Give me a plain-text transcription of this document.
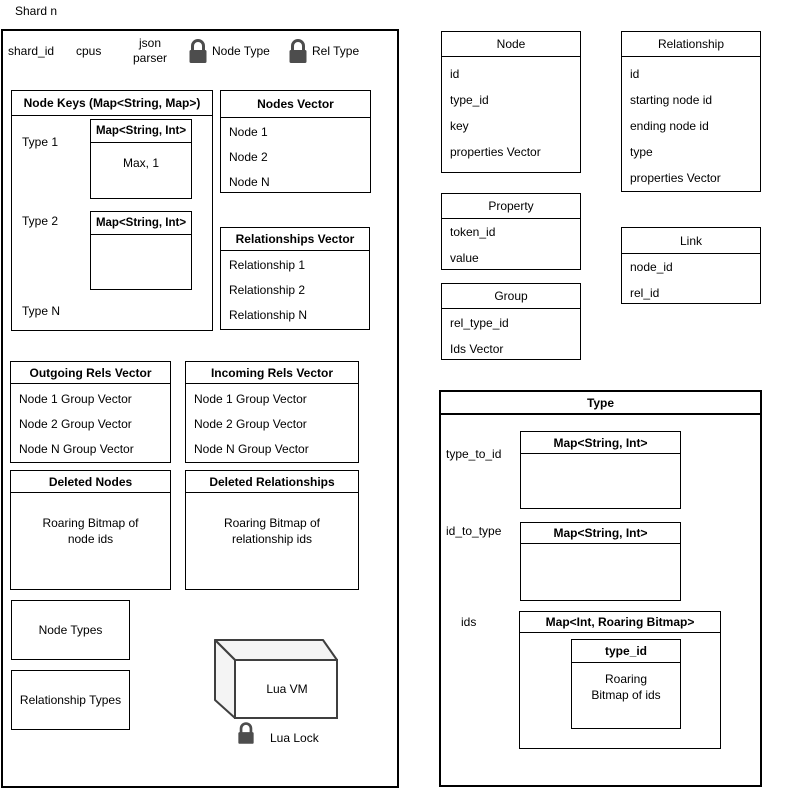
Shard n
shard_id cpus
json
parser	Node Type	Rel Type
Node Keys (Map<String, Map>)
Type 1
Type 2
Type N
Map<String, Int>
Max, 1
Map<String, Int>
Nodes Vector
Node 1
Node 2
Node N
Relationships Vector
Relationship 1
Relationship 2
Relationship N
Outgoing Rels Vector
Node 1 Group Vector
Node 2 Group Vector
Node N Group Vector
Incoming Rels Vector
Node 1 Group Vector
Node 2 Group Vector
Node N Group Vector
Deleted Nodes
Roaring Bitmap of
node ids
Deleted Relationships
Roaring Bitmap of
relationship ids
Node Types
Relationship Types
Lua VM
Lua Lock
Node
id
type_id
key
properties Vector
Relationship
id
starting node id
ending node id
type
properties Vector
Property
token_id
value
Link
node_id
rel_id
Group
rel_type_id
Ids Vector
Type
type_to_id
id_to_type
ids
Map<String, Int>
Map<String, Int>
Map<Int, Roaring Bitmap>
type_id
Roaring
Bitmap of ids
